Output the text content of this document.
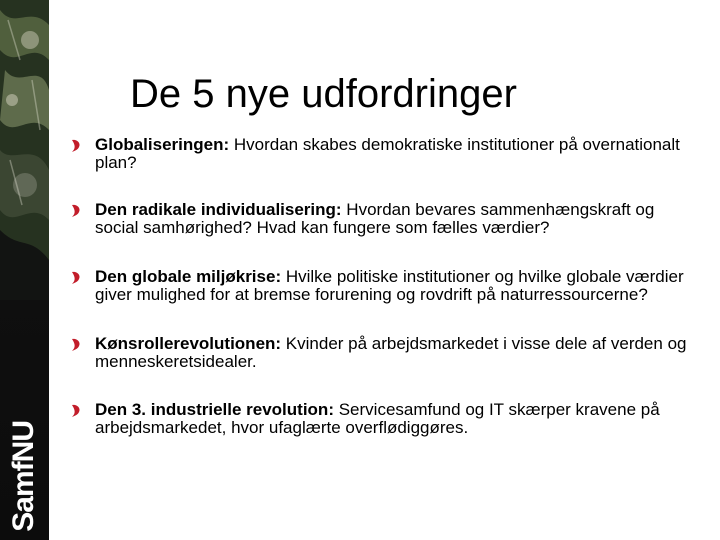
SamfNU
De 5 nye udfordringer
Globaliseringen: Hvordan skabes demokratiske institutioner på overnationalt plan?
Den radikale individualisering: Hvordan bevares sammenhængskraft og social samhørighed? Hvad kan fungere som fælles værdier?
Den globale miljøkrise: Hvilke politiske institutioner og hvilke globale værdier giver mulighed for at bremse forurening og rovdrift på naturressourcerne?
Kønsrollerevolutionen: Kvinder på arbejdsmarkedet i visse dele af verden og menneskeretsidealer.
Den 3. industrielle revolution: Servicesamfund og IT skærper kravene på arbejdsmarkedet, hvor ufaglærte overflødiggøres.
